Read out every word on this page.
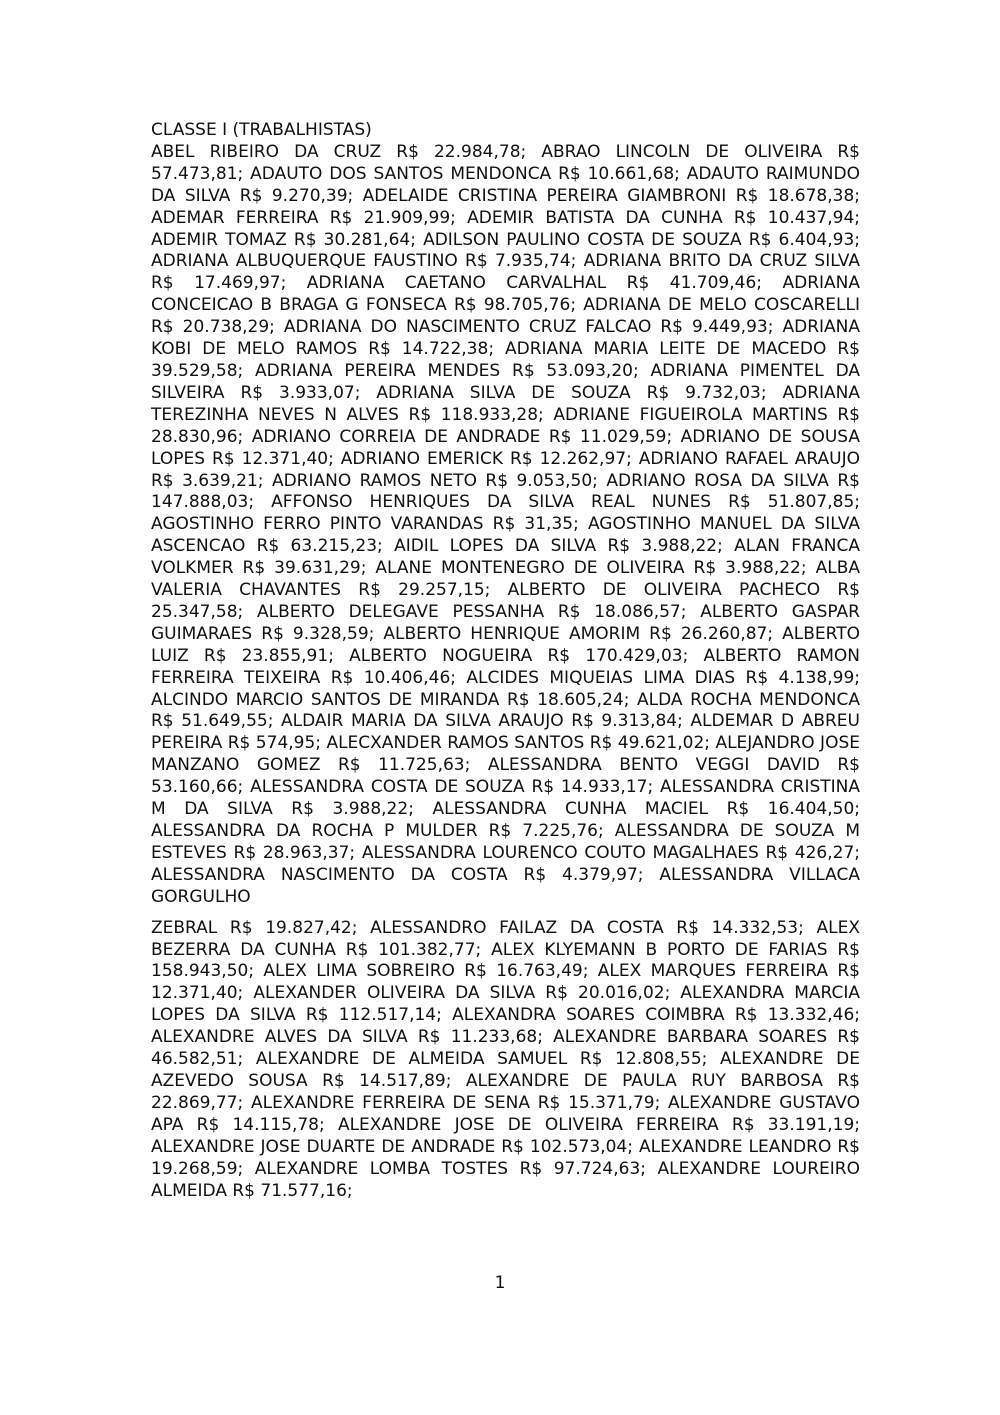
CLASSE I (TRABALHISTAS)

ABEL RIBEIRO DA CRUZ R$ 22.984,78; ABRAO LINCOLN DE OLIVEIRA R$ 57.473,81; ADAUTO DOS SANTOS MENDONCA R$ 10.661,68; ADAUTO RAIMUNDO DA SILVA R$ 9.270,39; ADELAIDE CRISTINA PEREIRA GIAMBRONI R$ 18.678,38; ADEMAR FERREIRA R$ 21.909,99; ADEMIR BATISTA DA CUNHA R$ 10.437,94; ADEMIR TOMAZ R$ 30.281,64; ADILSON PAULINO COSTA DE SOUZA R$ 6.404,93; ADRIANA ALBUQUERQUE FAUSTINO R$ 7.935,74; ADRIANA BRITO DA CRUZ SILVA R$ 17.469,97; ADRIANA CAETANO CARVALHAL R$ 41.709,46; ADRIANA CONCEICAO B BRAGA G FONSECA R$ 98.705,76; ADRIANA DE MELO COSCARELLI R$ 20.738,29; ADRIANA DO NASCIMENTO CRUZ FALCAO R$ 9.449,93; ADRIANA KOBI DE MELO RAMOS R$ 14.722,38; ADRIANA MARIA LEITE DE MACEDO R$ 39.529,58; ADRIANA PEREIRA MENDES R$ 53.093,20; ADRIANA PIMENTEL DA SILVEIRA R$ 3.933,07; ADRIANA SILVA DE SOUZA R$ 9.732,03; ADRIANA TEREZINHA NEVES N ALVES R$ 118.933,28; ADRIANE FIGUEIROLA MARTINS R$ 28.830,96; ADRIANO CORREIA DE ANDRADE R$ 11.029,59; ADRIANO DE SOUSA LOPES R$ 12.371,40; ADRIANO EMERICK R$ 12.262,97; ADRIANO RAFAEL ARAUJO R$ 3.639,21; ADRIANO RAMOS NETO R$ 9.053,50; ADRIANO ROSA DA SILVA R$ 147.888,03; AFFONSO HENRIQUES DA SILVA REAL NUNES R$ 51.807,85; AGOSTINHO FERRO PINTO VARANDAS R$ 31,35; AGOSTINHO MANUEL DA SILVA ASCENCAO R$ 63.215,23; AIDIL LOPES DA SILVA R$ 3.988,22; ALAN FRANCA VOLKMER R$ 39.631,29; ALANE MONTENEGRO DE OLIVEIRA R$ 3.988,22; ALBA VALERIA CHAVANTES R$ 29.257,15; ALBERTO DE OLIVEIRA PACHECO R$ 25.347,58; ALBERTO DELEGAVE PESSANHA R$ 18.086,57; ALBERTO GASPAR GUIMARAES R$ 9.328,59; ALBERTO HENRIQUE AMORIM R$ 26.260,87; ALBERTO LUIZ R$ 23.855,91; ALBERTO NOGUEIRA R$ 170.429,03; ALBERTO RAMON FERREIRA TEIXEIRA R$ 10.406,46; ALCIDES MIQUEIAS LIMA DIAS R$ 4.138,99; ALCINDO MARCIO SANTOS DE MIRANDA R$ 18.605,24; ALDA ROCHA MENDONCA R$ 51.649,55; ALDAIR MARIA DA SILVA ARAUJO R$ 9.313,84; ALDEMAR D ABREU PEREIRA R$ 574,95; ALECXANDER RAMOS SANTOS R$ 49.621,02; ALEJANDRO JOSE MANZANO GOMEZ R$ 11.725,63; ALESSANDRA BENTO VEGGI DAVID R$ 53.160,66; ALESSANDRA COSTA DE SOUZA R$ 14.933,17; ALESSANDRA CRISTINA M DA SILVA R$ 3.988,22; ALESSANDRA CUNHA MACIEL R$ 16.404,50; ALESSANDRA DA ROCHA P MULDER R$ 7.225,76; ALESSANDRA DE SOUZA M ESTEVES R$ 28.963,37; ALESSANDRA LOURENCO COUTO MAGALHAES R$ 426,27; ALESSANDRA NASCIMENTO DA COSTA R$ 4.379,97; ALESSANDRA VILLACA GORGULHO

ZEBRAL R$ 19.827,42; ALESSANDRO FAILAZ DA COSTA R$ 14.332,53; ALEX BEZERRA DA CUNHA R$ 101.382,77; ALEX KLYEMANN B PORTO DE FARIAS R$ 158.943,50; ALEX LIMA SOBREIRO R$ 16.763,49; ALEX MARQUES FERREIRA R$ 12.371,40; ALEXANDER OLIVEIRA DA SILVA R$ 20.016,02; ALEXANDRA MARCIA LOPES DA SILVA R$ 112.517,14; ALEXANDRA SOARES COIMBRA R$ 13.332,46; ALEXANDRE ALVES DA SILVA R$ 11.233,68; ALEXANDRE BARBARA SOARES R$ 46.582,51; ALEXANDRE DE ALMEIDA SAMUEL R$ 12.808,55; ALEXANDRE DE AZEVEDO SOUSA R$ 14.517,89; ALEXANDRE DE PAULA RUY BARBOSA R$ 22.869,77; ALEXANDRE FERREIRA DE SENA R$ 15.371,79; ALEXANDRE GUSTAVO APA R$ 14.115,78; ALEXANDRE JOSE DE OLIVEIRA FERREIRA R$ 33.191,19; ALEXANDRE JOSE DUARTE DE ANDRADE R$ 102.573,04; ALEXANDRE LEANDRO R$ 19.268,59; ALEXANDRE LOMBA TOSTES R$ 97.724,63; ALEXANDRE LOUREIRO ALMEIDA R$ 71.577,16;

1
